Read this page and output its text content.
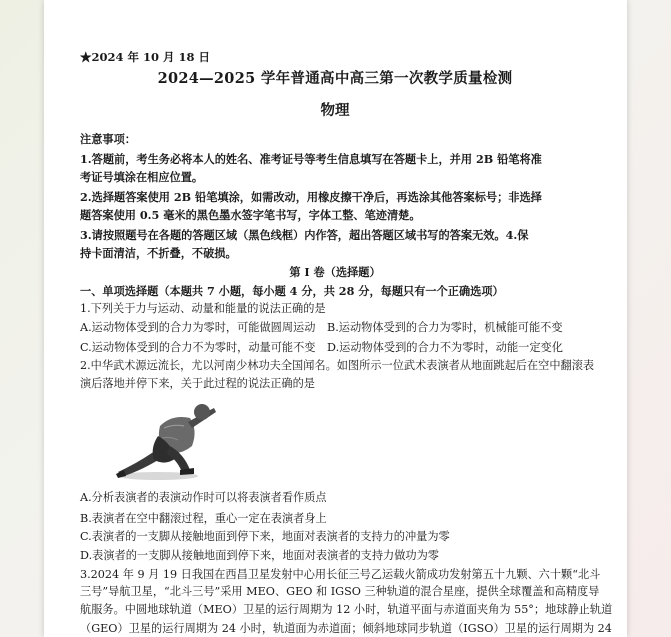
★2024 年 10 月 18 日
2024—2025 学年普通高中高三第一次教学质量检测
物理
注意事项：
1.答题前，考生务必将本人的姓名、准考证号等考生信息填写在答题卡上，并用 2B 铅笔将准
考证号填涂在相应位置。
2.选择题答案使用 2B 铅笔填涂，如需改动，用橡皮擦干净后，再选涂其他答案标号；非选择
题答案使用 0.5 毫米的黑色墨水签字笔书写，字体工整、笔迹清楚。
3.请按照题号在各题的答题区域（黑色线框）内作答，超出答题区域书写的答案无效。4.保
持卡面清洁，不折叠，不破损。
第 I 卷（选择题）
一、单项选择题（本题共 7 小题，每小题 4 分，共 28 分，每题只有一个正确选项）
1.下列关于力与运动、动量和能量的说法正确的是
A.运动物体受到的合力为零时，可能做圆周运动 B.运动物体受到的合力为零时，机械能可能不变
C.运动物体受到的合力不为零时，动量可能不变 D.运动物体受到的合力不为零时，动能一定变化
2.中华武术源远流长，尤以河南少林功夫全国闻名。如图所示一位武术表演者从地面跳起后在空中翻滚表
演后落地并停下来，关于此过程的说法正确的是
A.分析表演者的表演动作时可以将表演者看作质点
B.表演者在空中翻滚过程，重心一定在表演者身上
C.表演者的一支脚从接触地面到停下来，地面对表演者的支持力的冲量为零
D.表演者的一支脚从接触地面到停下来，地面对表演者的支持力做功为零
3.2024 年 9 月 19 日我国在西昌卫星发射中心用长征三号乙运载火箭成功发射第五十九颗、六十颗“北斗
三号”导航卫星，“北斗三号”采用 MEO、GEO 和 IGSO 三种轨道的混合星座，提供全球覆盖和高精度导
航服务。中圆地球轨道（MEO）卫星的运行周期为 12 小时，轨道平面与赤道面夹角为 55°；地球静止轨道
（GEO）卫星的运行周期为 24 小时，轨道面为赤道面；倾斜地球同步轨道（IGSO）卫星的运行周期为 24
